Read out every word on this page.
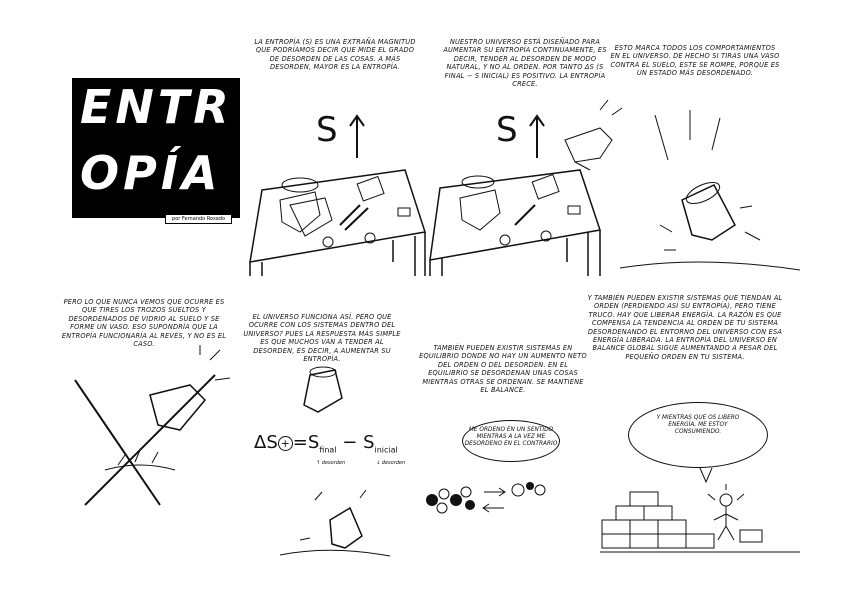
ENTR
OPÍA
por Fernando Rosado
LA ENTROPÍA (S) ES UNA EXTRAÑA MAGNITUD QUE PODRÍAMOS DECIR QUE MIDE EL GRADO DE DESORDEN DE LAS COSAS. A MÁS DESORDEN, MAYOR ES LA ENTROPÍA.
S
NUESTRO UNIVERSO ESTÁ DISEÑADO PARA AUMENTAR SU ENTROPÍA CONTINUAMENTE, ES DECIR, TENDER AL DESORDEN DE MODO NATURAL, Y NO AL ORDEN. POR TANTO ΔS (S FINAL − S INICIAL) ES POSITIVO. LA ENTROPÍA CRECE.
S
ESTO MARCA TODOS LOS COMPORTAMIENTOS EN EL UNIVERSO. DE HECHO SI TIRAS UNA VASO CONTRA EL SUELO, ESTE SE ROMPE, PORQUE ES UN ESTADO MÁS DESORDENADO.
PERO LO QUE NUNCA VEMOS QUE OCURRE ES QUE TIRES LOS TROZOS SUELTOS Y DESORDENADOS DE VIDRIO AL SUELO Y SE FORME UN VASO. ESO SUPONDRÍA QUE LA ENTROPÍA FUNCIONARÍA AL REVÉS, Y NO ES EL CASO.
EL UNIVERSO FUNCIONA ASÍ. PERO QUE OCURRE CON LOS SISTEMAS DENTRO DEL UNIVERSO? PUES LA RESPUESTA MÁS SIMPLE ES QUE MUCHOS VAN A TENDER AL DESORDEN, ES DECIR, A AUMENTAR SU ENTROPÍA.
$\Delta S + =S_{final} - S_{inicial}$
↑ desorden	↓ desorden
TAMBIÉN PUEDEN EXISTIR SISTEMAS EN EQUILIBRIO DONDE NO HAY UN AUMENTO NETO DEL ORDEN O DEL DESORDEN. EN EL EQUILIBRIO SE DESORDENAN UNAS COSAS MIENTRAS OTRAS SE ORDENAN. SE MANTIENE EL BALANCE.
ME ORDENO EN UN SENTIDO MIENTRAS A LA VEZ ME DESORDENO EN EL CONTRARIO
Y TAMBIÉN PUEDEN EXISTIR SISTEMAS QUE TIENDAN AL ORDEN (PERDIENDO ASÍ SU ENTROPÍA), PERO TIENE TRUCO. HAY QUE LIBERAR ENERGÍA. LA RAZÓN ES QUE COMPENSA LA TENDENCIA AL ORDEN DE TU SISTEMA DESORDENANDO EL ENTORNO DEL UNIVERSO CON ESA ENERGÍA LIBERADA. LA ENTROPÍA DEL UNIVERSO EN BALANCE GLOBAL SIGUE AUMENTANDO A PESAR DEL PEQUEÑO ORDEN EN TU SISTEMA.
Y MIENTRAS QUE OS LIBERO ENERGÍA, ME ESTOY CONSUMIENDO.
